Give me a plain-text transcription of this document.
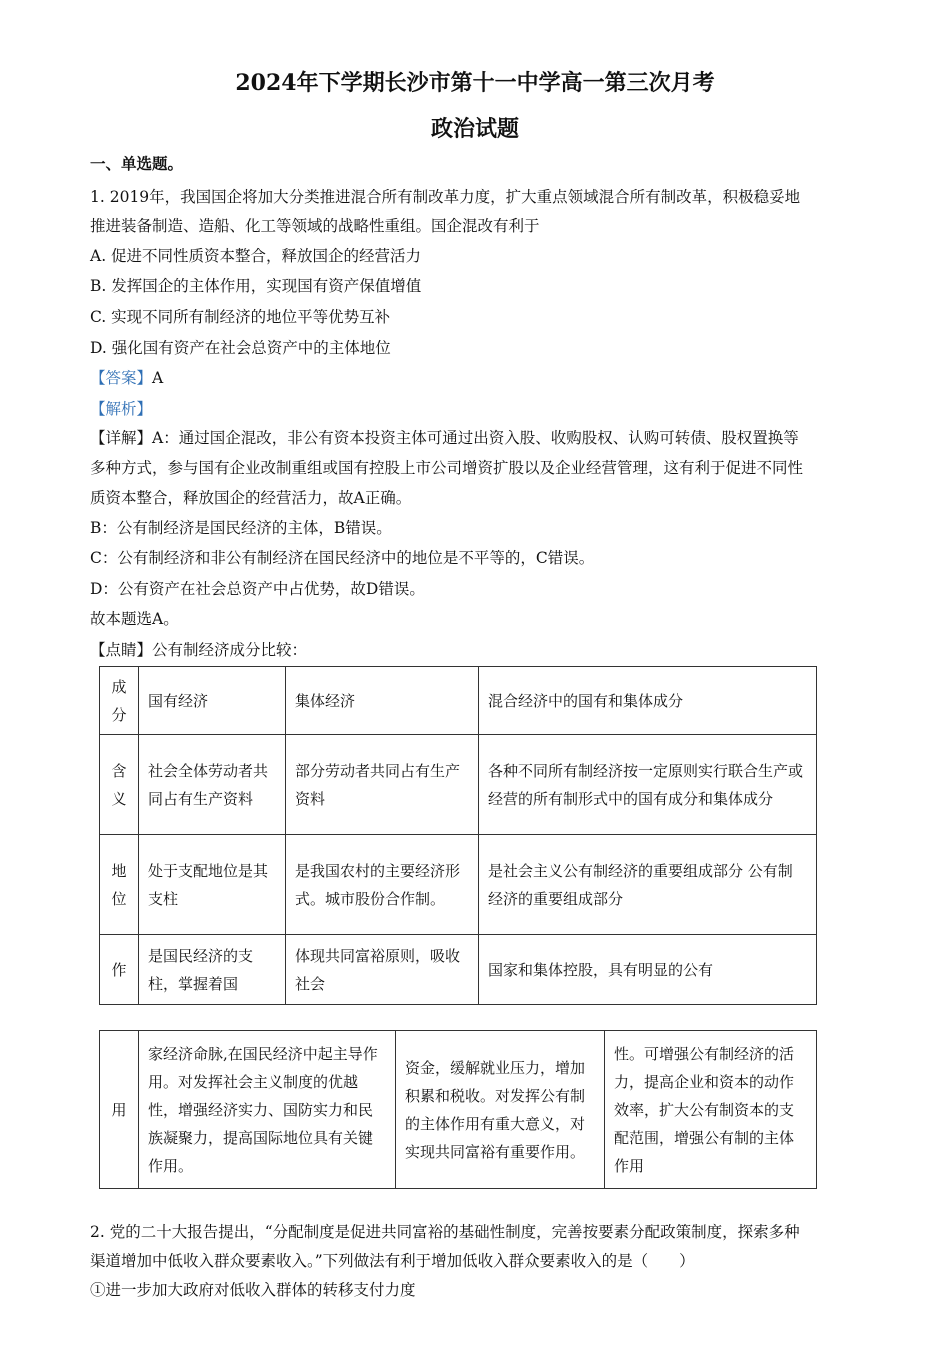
2024年下学期长沙市第十一中学高一第三次月考
政治试题

一、单选题。

1. 2019年，我国国企将加大分类推进混合所有制改革力度，扩大重点领域混合所有制改革，积极稳妥地

推进装备制造、造船、化工等领域的战略性重组。国企混改有利于

A. 促进不同性质资本整合，释放国企的经营活力

B. 发挥国企的主体作用，实现国有资产保值增值

C. 实现不同所有制经济的地位平等优势互补

D. 强化国有资产在社会总资产中的主体地位

【答案】A

【解析】

【详解】A：通过国企混改，非公有资本投资主体可通过出资入股、收购股权、认购可转债、股权置换等

多种方式，参与国有企业改制重组或国有控股上市公司增资扩股以及企业经营管理，这有利于促进不同性

质资本整合，释放国企的经营活力，故A正确。

B：公有制经济是国民经济的主体，B错误。

C：公有制经济和非公有制经济在国民经济中的地位是不平等的，C错误。

D：公有资产在社会总资产中占优势，故D错误。

故本题选A。

【点睛】公有制经济成分比较：

成分	国有经济	集体经济	混合经济中的国有和集体成分
含义	社会全体劳动者共同占有生产资料	部分劳动者共同占有生产资料	各种不同所有制经济按一定原则实行联合生产或经营的所有制形式中的国有成分和集体成分
地位	处于支配地位是其支柱	是我国农村的主要经济形式。城市股份合作制。	是社会主义公有制经济的重要组成部分 公有制经济的重要组成部分
作	是国民经济的支柱，掌握着国	体现共同富裕原则，吸收社会	国家和集体控股，具有明显的公有
用	家经济命脉,在国民经济中起主导作用。对发挥社会主义制度的优越性，增强经济实力、国防实力和民族凝聚力，提高国际地位具有关键作用。	资金，缓解就业压力，增加积累和税收。对发挥公有制的主体作用有重大意义，对实现共同富裕有重要作用。	性。可增强公有制经济的活力，提高企业和资本的动作效率，扩大公有制资本的支配范围，增强公有制的主体作用

2. 党的二十大报告提出，“分配制度是促进共同富裕的基础性制度，完善按要素分配政策制度，探索多种

渠道增加中低收入群众要素收入。”下列做法有利于增加低收入群众要素收入的是（　　）

①进一步加大政府对低收入群体的转移支付力度
